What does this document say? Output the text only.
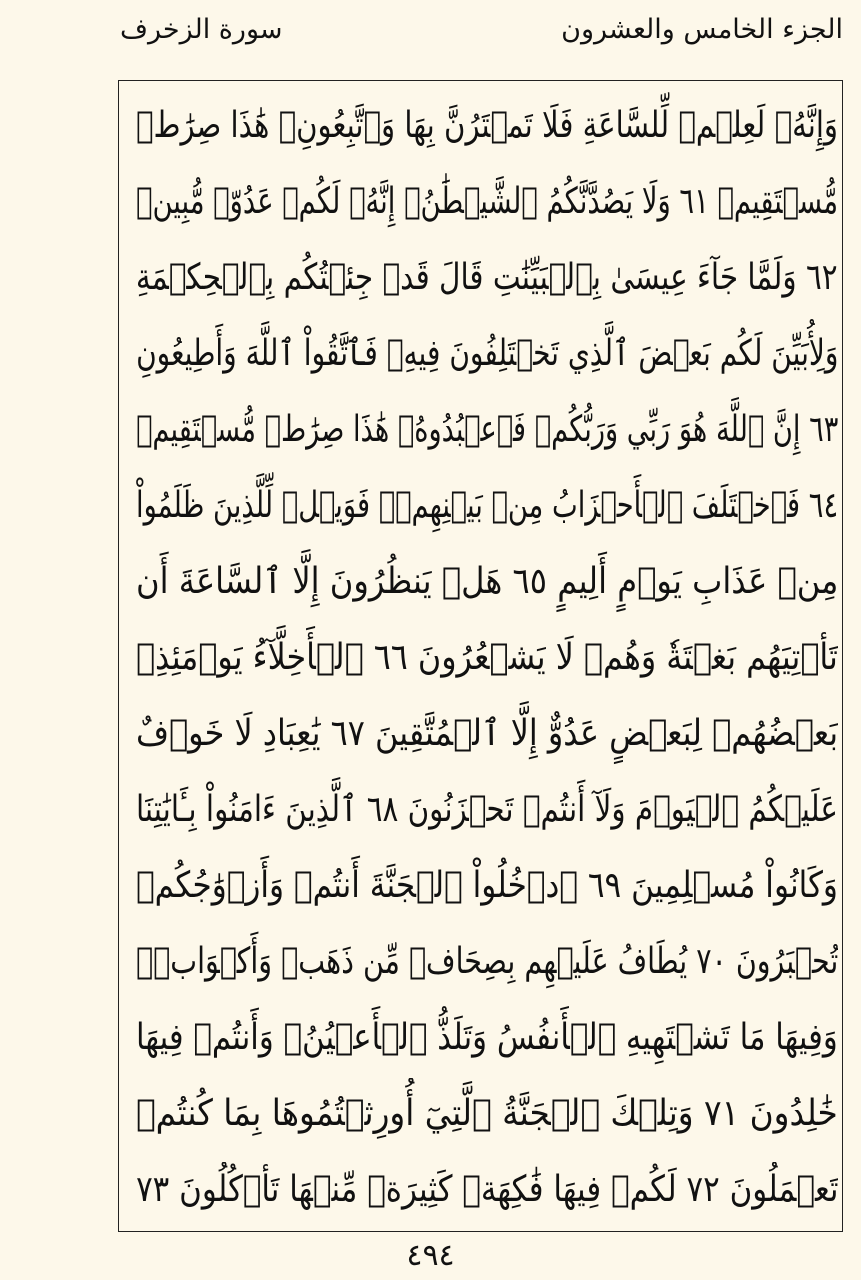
الجزء الخامس والعشرون
سورة الزخرف
وَإِنَّهُۥ لَعِلۡمٞ لِّلسَّاعَةِ فَلَا تَمۡتَرُنَّ بِهَا وَٱتَّبِعُونِۚ هَٰذَا صِرَٰطٞ
مُّسۡتَقِيمٞ ٦١ وَلَا يَصُدَّنَّكُمُ ٱلشَّيۡطَٰنُۖ إِنَّهُۥ لَكُمۡ عَدُوّٞ مُّبِينٞ
٦٢ وَلَمَّا جَآءَ عِيسَىٰ بِٱلۡبَيِّنَٰتِ قَالَ قَدۡ جِئۡتُكُم بِٱلۡحِكۡمَةِ
وَلِأُبَيِّنَ لَكُم بَعۡضَ ٱلَّذِي تَخۡتَلِفُونَ فِيهِۖ فَٱتَّقُواْ ٱللَّهَ وَأَطِيعُونِ
٦٣ إِنَّ ٱللَّهَ هُوَ رَبِّي وَرَبُّكُمۡ فَٱعۡبُدُوهُۚ هَٰذَا صِرَٰطٞ مُّسۡتَقِيمٞ
٦٤ فَٱخۡتَلَفَ ٱلۡأَحۡزَابُ مِنۢ بَيۡنِهِمۡۖ فَوَيۡلٞ لِّلَّذِينَ ظَلَمُواْ
مِنۡ عَذَابِ يَوۡمٍ أَلِيمٍ ٦٥ هَلۡ يَنظُرُونَ إِلَّا ٱلسَّاعَةَ أَن
تَأۡتِيَهُم بَغۡتَةٗ وَهُمۡ لَا يَشۡعُرُونَ ٦٦ ٱلۡأَخِلَّآءُ يَوۡمَئِذِۭ
بَعۡضُهُمۡ لِبَعۡضٍ عَدُوٌّ إِلَّا ٱلۡمُتَّقِينَ ٦٧ يَٰعِبَادِ لَا خَوۡفٌ
عَلَيۡكُمُ ٱلۡيَوۡمَ وَلَآ أَنتُمۡ تَحۡزَنُونَ ٦٨ ٱلَّذِينَ ءَامَنُواْ بِـَٔايَٰتِنَا
وَكَانُواْ مُسۡلِمِينَ ٦٩ ٱدۡخُلُواْ ٱلۡجَنَّةَ أَنتُمۡ وَأَزۡوَٰجُكُمۡ
تُحۡبَرُونَ ٧٠ يُطَافُ عَلَيۡهِم بِصِحَافٖ مِّن ذَهَبٖ وَأَكۡوَابٖۖ
وَفِيهَا مَا تَشۡتَهِيهِ ٱلۡأَنفُسُ وَتَلَذُّ ٱلۡأَعۡيُنُۖ وَأَنتُمۡ فِيهَا
خَٰلِدُونَ ٧١ وَتِلۡكَ ٱلۡجَنَّةُ ٱلَّتِيٓ أُورِثۡتُمُوهَا بِمَا كُنتُمۡ
تَعۡمَلُونَ ٧٢ لَكُمۡ فِيهَا فَٰكِهَةٞ كَثِيرَةٞ مِّنۡهَا تَأۡكُلُونَ ٧٣
٤٩٤
